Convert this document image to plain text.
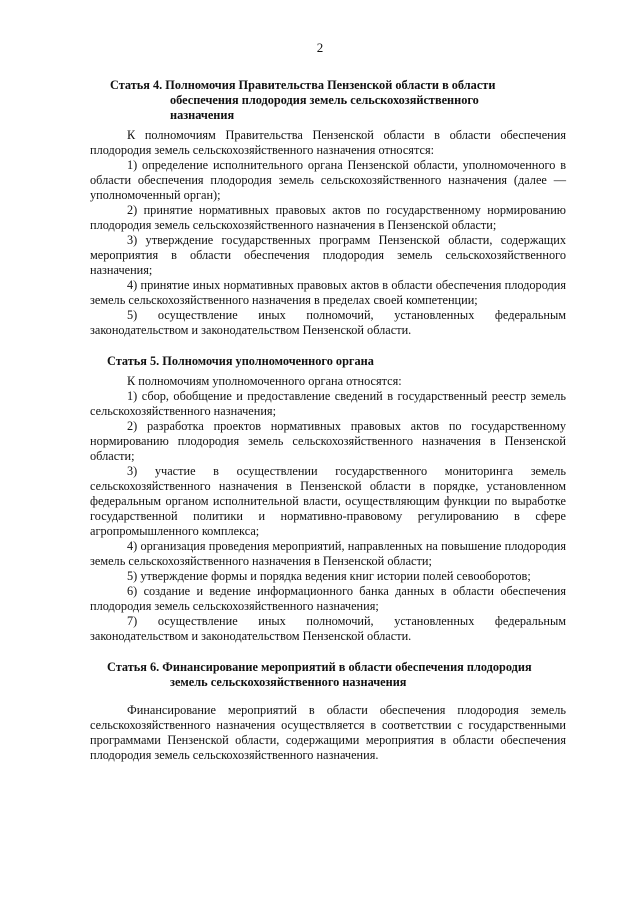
2
Статья 4. Полномочия Правительства Пензенской области в области
обеспечения плодородия земель сельскохозяйственного
назначения

К полномочиям Правительства Пензенской области в области обеспечения плодородия земель сельскохозяйственного назначения относятся:

1) определение исполнительного органа Пензенской области, уполномоченного в области обеспечения плодородия земель сельскохозяйственного назначения (далее — уполномоченный орган);

2) принятие нормативных правовых актов по государственному нормированию плодородия земель сельскохозяйственного назначения в Пензенской области;

3) утверждение государственных программ Пензенской области, содержащих мероприятия в области обеспечения плодородия земель сельскохозяйственного назначения;

4) принятие иных нормативных правовых актов в области обеспечения плодородия земель сельскохозяйственного назначения в пределах своей компетенции;

5) осуществление иных полномочий, установленных федеральным законодательством и законодательством Пензенской области.

Статья 5. Полномочия уполномоченного органа

К полномочиям уполномоченного органа относятся:

1) сбор, обобщение и предоставление сведений в государственный реестр земель сельскохозяйственного назначения;

2) разработка проектов нормативных правовых актов по государственному нормированию плодородия земель сельскохозяйственного назначения в Пензенской области;

3) участие в осуществлении государственного мониторинга земель сельскохозяйственного назначения в Пензенской области в порядке, установленном федеральным органом исполнительной власти, осуществляющим функции по выработке государственной политики и нормативно-правовому регулированию в сфере агропромышленного комплекса;

4) организация проведения мероприятий, направленных на повышение плодородия земель сельскохозяйственного назначения в Пензенской области;

5) утверждение формы и порядка ведения книг истории полей севооборотов;

6) создание и ведение информационного банка данных в области обеспечения плодородия земель сельскохозяйственного назначения;

7) осуществление иных полномочий, установленных федеральным законодательством и законодательством Пензенской области.

Статья 6. Финансирование мероприятий в области обеспечения плодородия
земель сельскохозяйственного назначения

Финансирование мероприятий в области обеспечения плодородия земель сельскохозяйственного назначения осуществляется в соответствии с государственными программами Пензенской области, содержащими мероприятия в области обеспечения плодородия земель сельскохозяйственного назначения.
